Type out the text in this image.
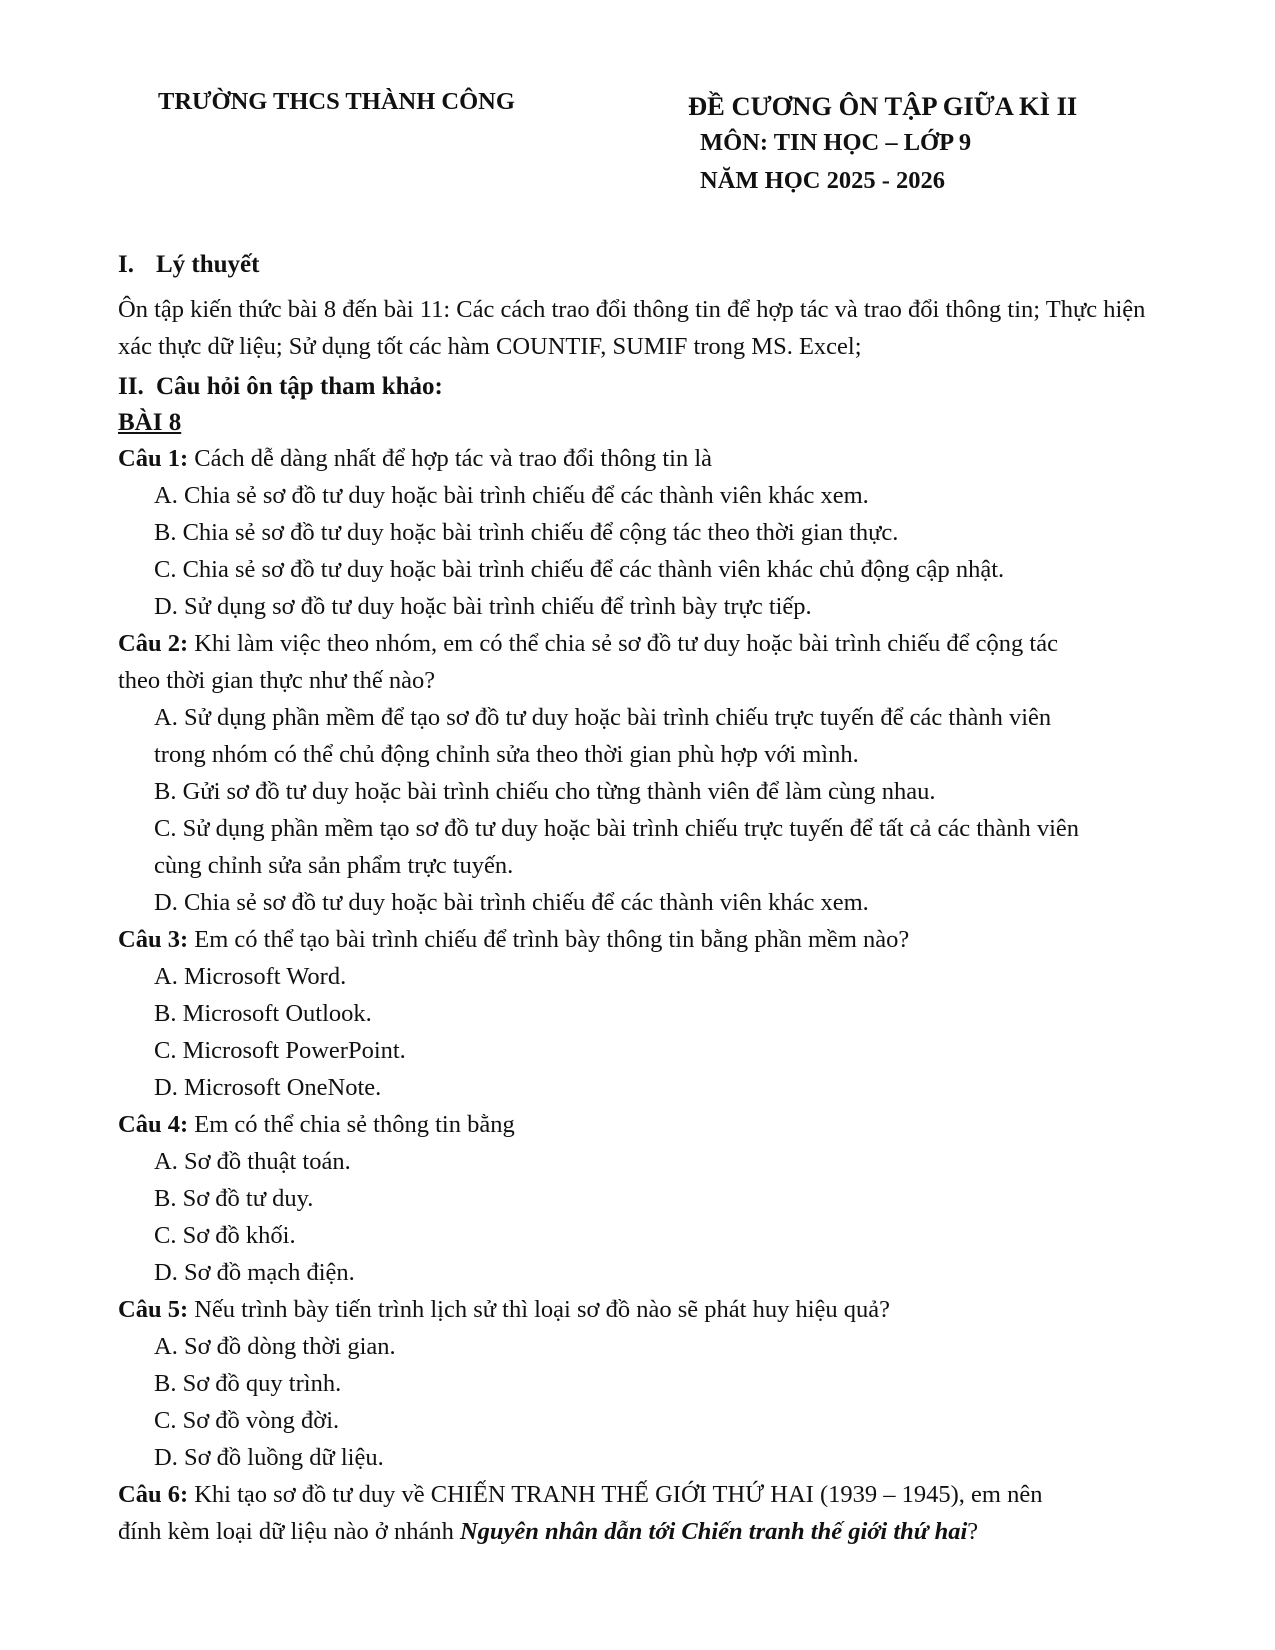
TRƯỜNG THCS THÀNH CÔNG	ĐỀ CƯƠNG ÔN TẬP GIỮA KÌ II
MÔN: TIN HỌC – LỚP 9
NĂM HỌC 2025 - 2026
I. Lý thuyết

Ôn tập kiến thức bài 8 đến bài 11: Các cách trao đổi thông tin để hợp tác và trao đổi thông tin; Thực hiện xác thực dữ liệu; Sử dụng tốt các hàm COUNTIF, SUMIF trong MS. Excel;

II. Câu hỏi ôn tập tham khảo:
BÀI 8
Câu 1: Cách dễ dàng nhất để hợp tác và trao đổi thông tin là
A. Chia sẻ sơ đồ tư duy hoặc bài trình chiếu để các thành viên khác xem.
B. Chia sẻ sơ đồ tư duy hoặc bài trình chiếu để cộng tác theo thời gian thực.
C. Chia sẻ sơ đồ tư duy hoặc bài trình chiếu để các thành viên khác chủ động cập nhật.
D. Sử dụng sơ đồ tư duy hoặc bài trình chiếu để trình bày trực tiếp.
Câu 2: Khi làm việc theo nhóm, em có thể chia sẻ sơ đồ tư duy hoặc bài trình chiếu để cộng tác
theo thời gian thực như thế nào?
A. Sử dụng phần mềm để tạo sơ đồ tư duy hoặc bài trình chiếu trực tuyến để các thành viên
trong nhóm có thể chủ động chỉnh sửa theo thời gian phù hợp với mình.
B. Gửi sơ đồ tư duy hoặc bài trình chiếu cho từng thành viên để làm cùng nhau.
C. Sử dụng phần mềm tạo sơ đồ tư duy hoặc bài trình chiếu trực tuyến để tất cả các thành viên
cùng chỉnh sửa sản phẩm trực tuyến.
D. Chia sẻ sơ đồ tư duy hoặc bài trình chiếu để các thành viên khác xem.
Câu 3: Em có thể tạo bài trình chiếu để trình bày thông tin bằng phần mềm nào?
A. Microsoft Word.
B. Microsoft Outlook.
C. Microsoft PowerPoint.
D. Microsoft OneNote.
Câu 4: Em có thể chia sẻ thông tin bằng
A. Sơ đồ thuật toán.
B. Sơ đồ tư duy.
C. Sơ đồ khối.
D. Sơ đồ mạch điện.
Câu 5: Nếu trình bày tiến trình lịch sử thì loại sơ đồ nào sẽ phát huy hiệu quả?
A. Sơ đồ dòng thời gian.
B. Sơ đồ quy trình.
C. Sơ đồ vòng đời.
D. Sơ đồ luồng dữ liệu.
Câu 6: Khi tạo sơ đồ tư duy về CHIẾN TRANH THẾ GIỚI THỨ HAI (1939 – 1945), em nên
đính kèm loại dữ liệu nào ở nhánh Nguyên nhân dẫn tới Chiến tranh thế giới thứ hai?
